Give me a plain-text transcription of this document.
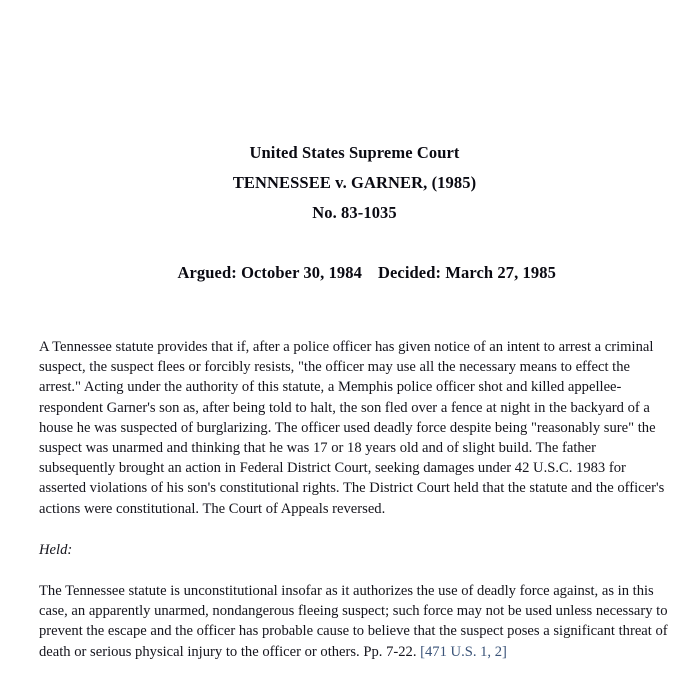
United States Supreme Court
TENNESSEE v. GARNER, (1985)
No. 83-1035

Argued: October 30, 1984 Decided: March 27, 1985

A Tennessee statute provides that if, after a police officer has given notice of an intent to arrest a criminal suspect, the suspect flees or forcibly resists, "the officer may use all the necessary means to effect the arrest." Acting under the authority of this statute, a Memphis police officer shot and killed appellee-respondent Garner's son as, after being told to halt, the son fled over a fence at night in the backyard of a house he was suspected of burglarizing. The officer used deadly force despite being "reasonably sure" the suspect was unarmed and thinking that he was 17 or 18 years old and of slight build. The father subsequently brought an action in Federal District Court, seeking damages under 42 U.S.C. 1983 for asserted violations of his son's constitutional rights. The District Court held that the statute and the officer's actions were constitutional. The Court of Appeals reversed.

Held:

The Tennessee statute is unconstitutional insofar as it authorizes the use of deadly force against, as in this case, an apparently unarmed, nondangerous fleeing suspect; such force may not be used unless necessary to prevent the escape and the officer has probable cause to believe that the suspect poses a significant threat of death or serious physical injury to the officer or others. Pp. 7-22. [471 U.S. 1, 2]
